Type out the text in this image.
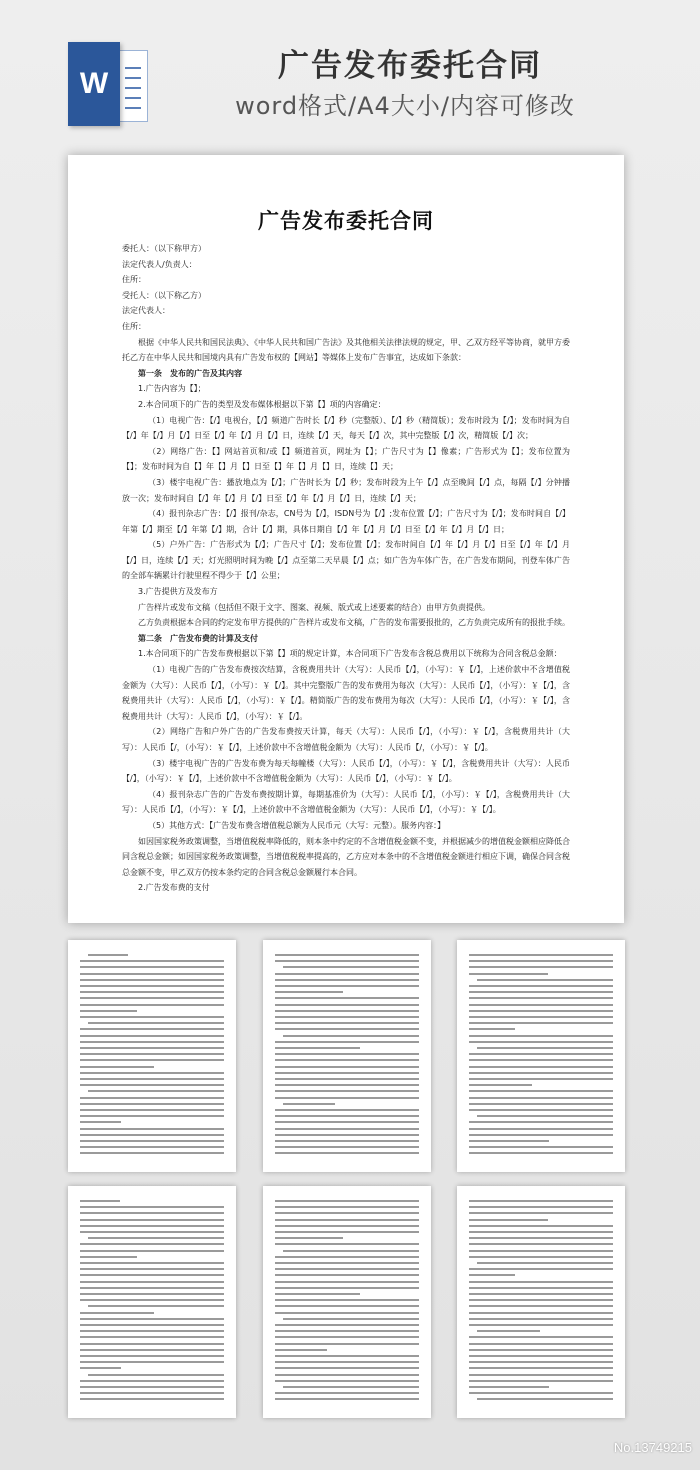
W	广告发布委托合同
word格式/A4大小/内容可修改
广告发布委托合同

委托人：（以下称甲方）

法定代表人/负责人：

住所：

受托人：（以下称乙方）

法定代表人：

住所：

根据《中华人民共和国民法典》、《中华人民共和国广告法》及其他相关法律法规的规定，甲、乙双方经平等协商，就甲方委托乙方在中华人民共和国境内具有广告发布权的【网站】等媒体上发布广告事宜，达成如下条款：

第一条　发布的广告及其内容

1.广告内容为【】；

2.本合同项下的广告的类型及发布媒体根据以下第【】项的内容确定：

（1）电视广告：【/】电视台，【/】频道广告时长【/】秒（完整版）、【/】秒（精简版）；发布时段为【/】；发布时间为自【/】年【/】月【/】日至【/】年【/】月【/】日，连续【/】天，每天【/】次，其中完整版【/】次，精简版【/】次；

（2）网络广告：【】网站首页和/或【】频道首页，网址为【】；广告尺寸为【】像素；广告形式为【】；发布位置为【】；发布时间为自【】年【】月【】日至【】年【】月【】日，连续【】天；

（3）楼宇电视广告：播放地点为【/】；广告时长为【/】秒；发布时段为上午【/】点至晚间【/】点，每隔【/】分钟播放一次；发布时间自【/】年【/】月【/】日至【/】年【/】月【/】日，连续【/】天；

（4）报刊杂志广告：【/】报刊/杂志，CN号为【/】，ISDN号为【/】;发布位置【/】；广告尺寸为【/】；发布时间自【/】年第【/】期至【/】年第【/】期，合计【/】期，具体日期自【/】年【/】月【/】日至【/】年【/】月【/】日；

（5）户外广告：广告形式为【/】；广告尺寸【/】；发布位置【/】；发布时间自【/】年【/】月【/】日至【/】年【/】月【/】日，连续【/】天；灯光照明时间为晚【/】点至第二天早晨【/】点；如广告为车体广告，在广告发布期间，刊登车体广告的全部车辆累计行驶里程不得少于【/】公里；

3.广告提供方及发布方

广告样片或发布文稿（包括但不限于文字、图案、视频、版式或上述要素的结合）由甲方负责提供。

乙方负责根据本合同的约定发布甲方提供的广告样片或发布文稿，广告的发布需要报批的，乙方负责完成所有的报批手续。

第二条　广告发布费的计算及支付

1.本合同项下的广告发布费根据以下第【】项的规定计算，本合同项下广告发布含税总费用以下统称为合同含税总金额：

（1）电视广告的广告发布费按次结算，含税费用共计（大写）：人民币【/】，（小写）：￥【/】，上述价款中不含增值税金额为（大写）：人民币【/】，（小写）：￥【/】。其中完整版广告的发布费用为每次（大写）：人民币【/】，（小写）：￥【/】，含税费用共计（大写）：人民币【/】，（小写）：￥【/】。精简版广告的发布费用为每次（大写）：人民币【/】，（小写）：￥【/】，含税费用共计（大写）：人民币【/】，（小写）：￥【/】。

（2）网络广告和户外广告的广告发布费按天计算，每天（大写）：人民币【/】，（小写）：￥【/】，含税费用共计（大写）：人民币【/，（小写）：￥【/】，上述价款中不含增值税金额为（大写）：人民币【/，（小写）：￥【/】。

（3）楼宇电视广告的广告发布费为每天每幢楼（大写）：人民币【/】，（小写）：￥【/】，含税费用共计（大写）：人民币【/】，（小写）：￥【/】，上述价款中不含增值税金额为（大写）：人民币【/】，（小写）：￥【/】。

（4）报刊杂志广告的广告发布费按期计算，每期基准价为（大写）：人民币【/】，（小写）：￥【/】，含税费用共计（大写）：人民币【/】，（小写）：￥【/】，上述价款中不含增值税金额为（大写）：人民币【/】，（小写）：￥【/】。

（5）其他方式：【广告发布费含增值税总额为人民币元（大写：元整）。服务内容：】

如因国家税务政策调整，当增值税税率降低的，则本条中约定的不含增值税金额不变，并根据减少的增值税金额相应降低合同含税总金额；如因国家税务政策调整，当增值税税率提高的，乙方应对本条中的不含增值税金额进行相应下调，确保合同含税总金额不变，甲乙双方仍按本条约定的合同含税总金额履行本合同。

2.广告发布费的支付

No.13749215
